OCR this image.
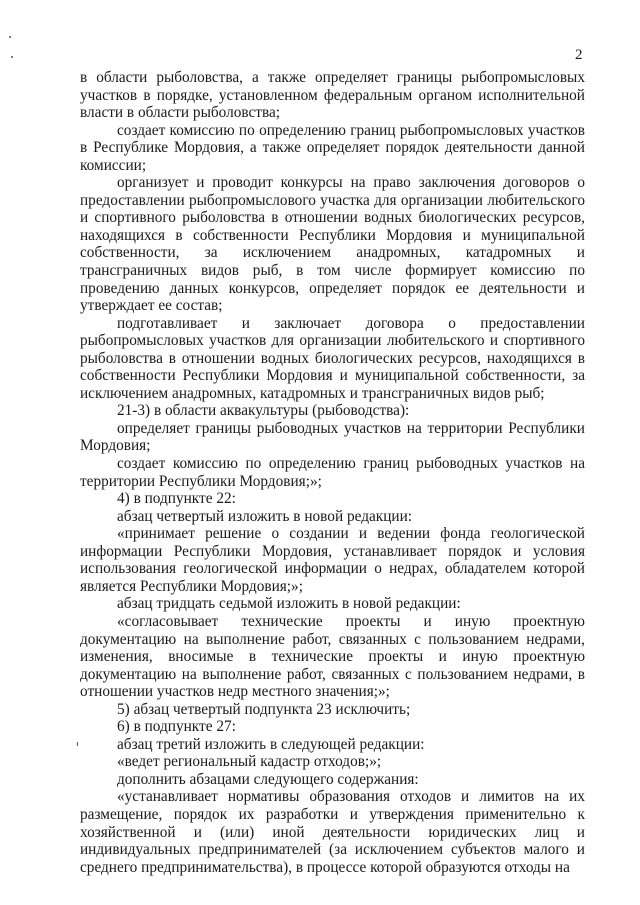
2

в области рыболовства, а также определяет границы рыбопромысловых участков в порядке, установленном федеральным органом исполнительной власти в области рыболовства;

создает комиссию по определению границ рыбопромысловых участков в Республике Мордовия, а также определяет порядок деятельности данной комиссии;

организует и проводит конкурсы на право заключения договоров о предоставлении рыбопромыслового участка для организации любительского и спортивного рыболовства в отношении водных биологических ресурсов, находящихся в собственности Республики Мордовия и муниципальной собственности, за исключением анадромных, катадромных и трансграничных видов рыб, в том числе формирует комиссию по проведению данных конкурсов, определяет порядок ее деятельности и утверждает ее состав;

подготавливает и заключает договора о предоставлении рыбопромысловых участков для организации любительского и спортивного рыболовства в отношении водных биологических ресурсов, находящихся в собственности Республики Мордовия и муниципальной собственности, за исключением анадромных, катадромных и трансграничных видов рыб;

21-3) в области аквакультуры (рыбоводства):

определяет границы рыбоводных участков на территории Республики Мордовия;

создает комиссию по определению границ рыбоводных участков на территории Республики Мордовия;»;

4) в подпункте 22:

абзац четвертый изложить в новой редакции:

«принимает решение о создании и ведении фонда геологической информации Республики Мордовия, устанавливает порядок и условия использования геологической информации о недрах, обладателем которой является Республики Мордовия;»;

абзац тридцать седьмой изложить в новой редакции:

«согласовывает технические проекты и иную проектную документацию на выполнение работ, связанных с пользованием недрами, изменения, вносимые в технические проекты и иную проектную документацию на выполнение работ, связанных с пользованием недрами, в отношении участков недр местного значения;»;

5) абзац четвертый подпункта 23 исключить;

6) в подпункте 27:

абзац третий изложить в следующей редакции:

«ведет региональный кадастр отходов;»;

дополнить абзацами следующего содержания:

«устанавливает нормативы образования отходов и лимитов на их размещение, порядок их разработки и утверждения применительно к хозяйственной и (или) иной деятельности юридических лиц и индивидуальных предпринимателей (за исключением субъектов малого и среднего предпринимательства), в процессе которой образуются отходы на
